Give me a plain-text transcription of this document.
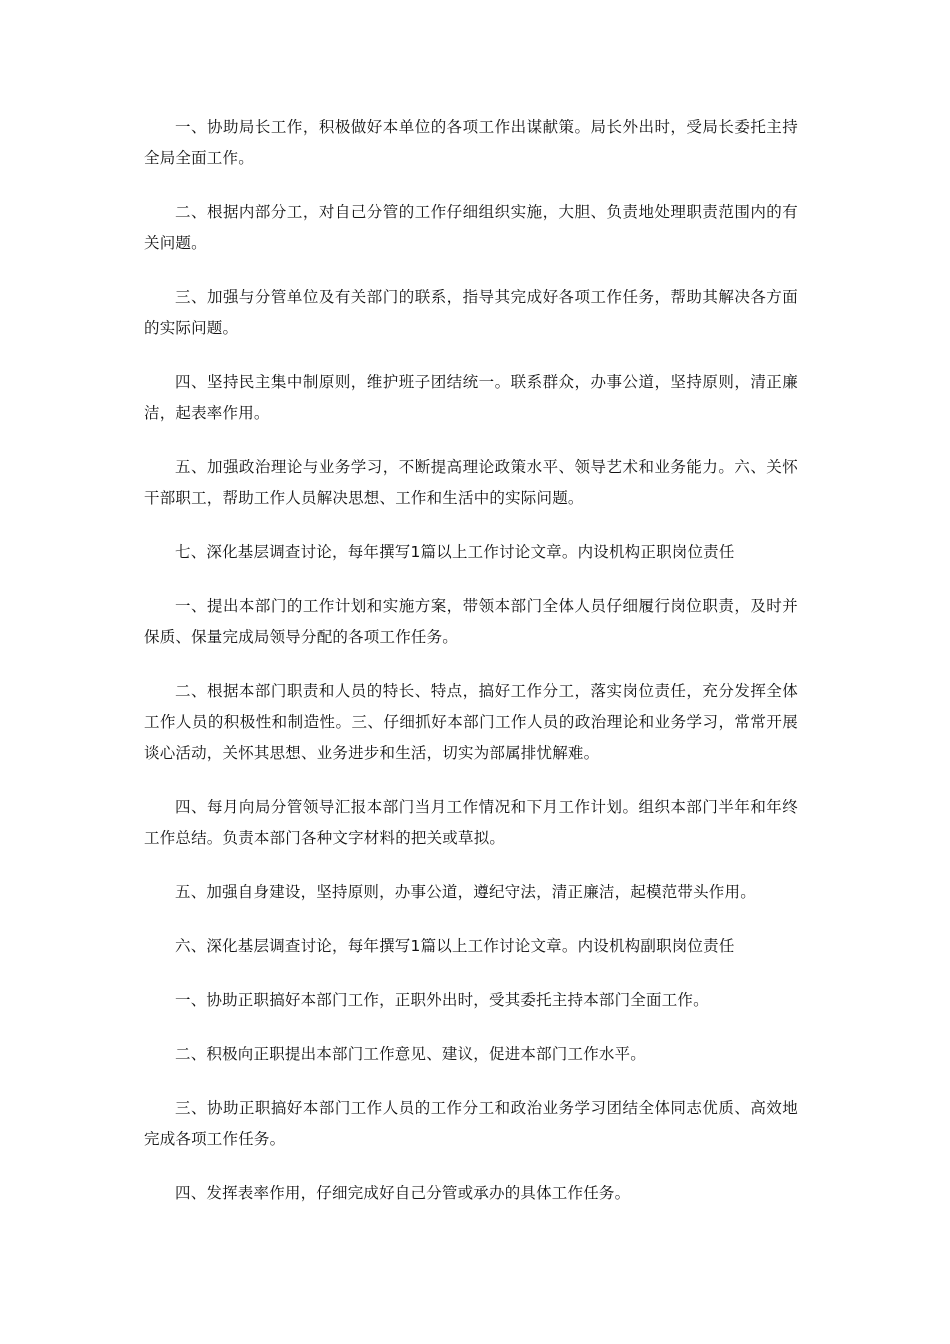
一、协助局长工作，积极做好本单位的各项工作出谋献策。局长外出时，受局长委托主持全局全面工作。

二、根据内部分工，对自己分管的工作仔细组织实施，大胆、负责地处理职责范围内的有关问题。

三、加强与分管单位及有关部门的联系，指导其完成好各项工作任务，帮助其解决各方面的实际问题。

四、坚持民主集中制原则，维护班子团结统一。联系群众，办事公道，坚持原则，清正廉洁，起表率作用。

五、加强政治理论与业务学习，不断提高理论政策水平、领导艺术和业务能力。六、关怀干部职工，帮助工作人员解决思想、工作和生活中的实际问题。

七、深化基层调查讨论，每年撰写1篇以上工作讨论文章。内设机构正职岗位责任

一、提出本部门的工作计划和实施方案，带领本部门全体人员仔细履行岗位职责，及时并保质、保量完成局领导分配的各项工作任务。

二、根据本部门职责和人员的特长、特点，搞好工作分工，落实岗位责任，充分发挥全体工作人员的积极性和制造性。三、仔细抓好本部门工作人员的政治理论和业务学习，常常开展谈心活动，关怀其思想、业务进步和生活，切实为部属排忧解难。

四、每月向局分管领导汇报本部门当月工作情况和下月工作计划。组织本部门半年和年终工作总结。负责本部门各种文字材料的把关或草拟。

五、加强自身建设，坚持原则，办事公道，遵纪守法，清正廉洁，起模范带头作用。

六、深化基层调查讨论，每年撰写1篇以上工作讨论文章。内设机构副职岗位责任

一、协助正职搞好本部门工作，正职外出时，受其委托主持本部门全面工作。

二、积极向正职提出本部门工作意见、建议，促进本部门工作水平。

三、协助正职搞好本部门工作人员的工作分工和政治业务学习团结全体同志优质、高效地完成各项工作任务。

四、发挥表率作用，仔细完成好自己分管或承办的具体工作任务。
